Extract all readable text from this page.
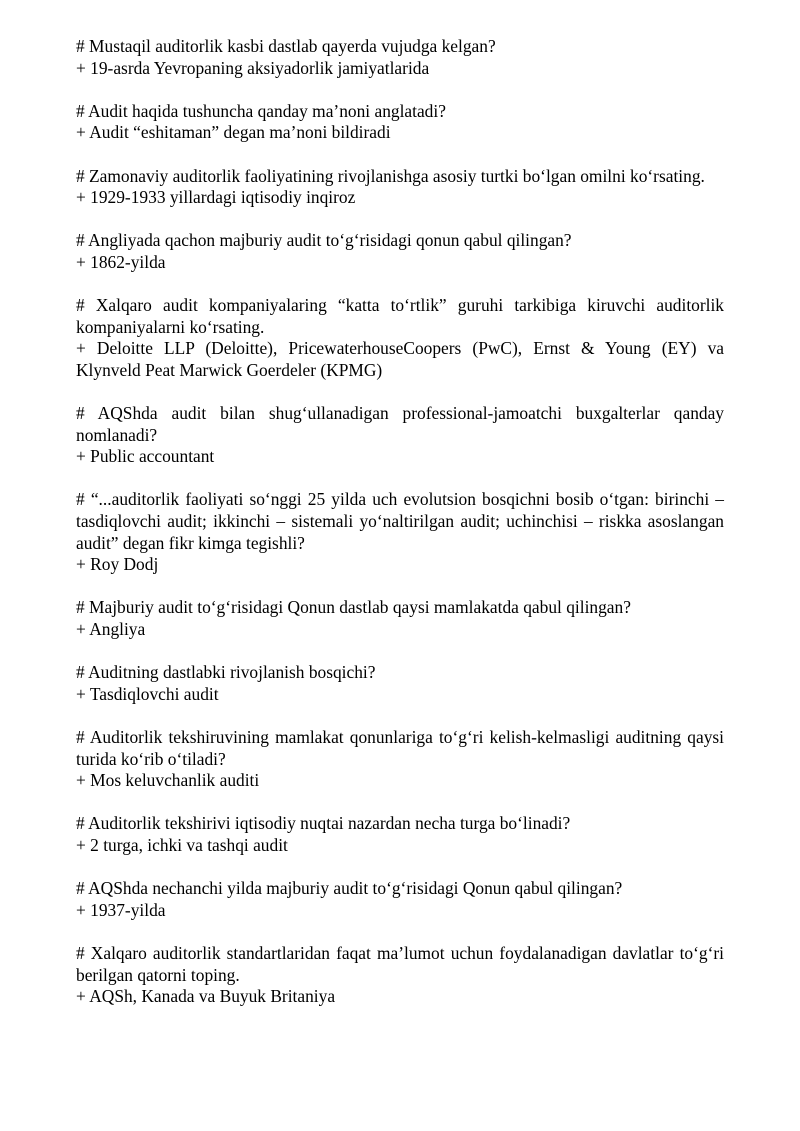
# Mustaqil auditorlik kasbi dastlab qayerda vujudga kelgan?

+ 19-asrda Yevropaning aksiyadorlik jamiyatlarida

# Audit haqida tushuncha qanday ma’noni anglatadi?

+ Audit “eshitaman” degan ma’noni bildiradi

# Zamonaviy auditorlik faoliyatining rivojlanishga asosiy turtki bo‘lgan omilni ko‘rsating.

+ 1929-1933 yillardagi iqtisodiy inqiroz

# Angliyada qachon majburiy audit to‘g‘risidagi qonun qabul qilingan?

+ 1862-yilda

# Xalqaro audit kompaniyalaring “katta to‘rtlik” guruhi tarkibiga kiruvchi auditorlik kompaniyalarni ko‘rsating.

+ Deloitte LLP (Deloitte), PricewaterhouseCoopers (PwC), Ernst & Young (EY) va Klynveld Peat Marwick Goerdeler (KPMG)

# AQShda audit bilan shug‘ullanadigan professional-jamoatchi buxgalterlar qanday nomlanadi?

+ Public accountant

# “...auditorlik faoliyati so‘nggi 25 yilda uch evolutsion bosqichni bosib o‘tgan: birinchi – tasdiqlovchi audit; ikkinchi – sistemali yo‘naltirilgan audit; uchinchisi – riskka asoslangan audit” degan fikr kimga tegishli?

+ Roy Dodj

# Majburiy audit to‘g‘risidagi Qonun dastlab qaysi mamlakatda qabul qilingan?

+ Angliya

# Auditning dastlabki rivojlanish bosqichi?

+ Tasdiqlovchi audit

# Auditorlik tekshiruvining mamlakat qonunlariga to‘g‘ri kelish-kelmasligi auditning qaysi turida ko‘rib o‘tiladi?

+ Mos keluvchanlik auditi

# Auditorlik tekshirivi iqtisodiy nuqtai nazardan necha turga bo‘linadi?

+ 2 turga, ichki va tashqi audit

# AQShda nechanchi yilda majburiy audit to‘g‘risidagi Qonun qabul qilingan?

+ 1937-yilda

# Xalqaro auditorlik standartlaridan faqat ma’lumot uchun foydalanadigan davlatlar to‘g‘ri berilgan qatorni toping.

+ AQSh, Kanada va Buyuk Britaniya
